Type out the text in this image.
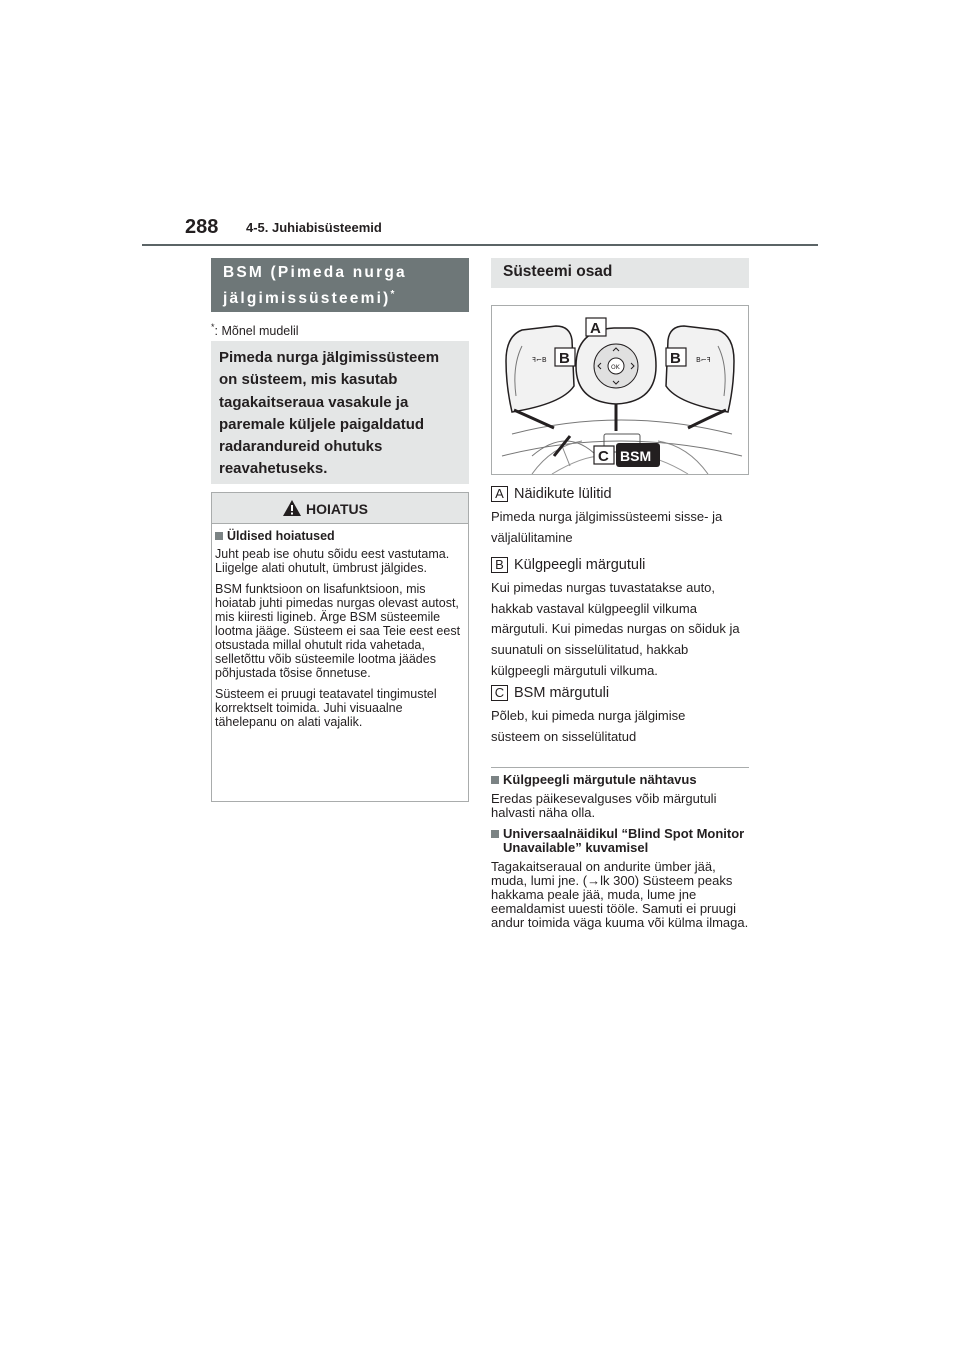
288 4-5. Juhiabisüsteemid
BSM (Pimeda nurga
jälgimissüsteemi)*
*: Mõnel mudelil
Pimeda nurga jälgimissüsteem
on süsteem, mis kasutab
tagakaitseraua vasakule ja
paremale küljele paigaldatud
radarandureid ohutuks
reavahetuseks.
HOIATUS
Üldised hoiatused

Juht peab ise ohutu sõidu eest vastutama. Liigelge alati ohutult, ümbrust jälgides.

BSM funktsioon on lisafunktsioon, mis hoiatab juhti pimedas nurgas olevast autost, mis kiiresti ligineb. Ärge BSM süsteemile lootma jääge. Süsteem ei saa Teie eest eest otsustada millal ohutult rida vahetada, selletõttu võib süsteemile lootma jäädes põhjustada tõsise õnnetuse.

Süsteem ei pruugi teatavatel tingimustel korrektselt toimida. Juhi visuaalne tähelepanu on alati vajalik.

Süsteemi osad
ꟻ⌐B	B⌐ꟻ
OK
A
B	B
C BSM
A Näidikute lülitid
Pimeda nurga jälgimissüsteemi sisse- ja väljalülitamine
B Külgpeegli märgutuli
Kui pimedas nurgas tuvastatakse auto, hakkab vastaval külgpeeglil vilkuma märgutuli. Kui pimedas nurgas on sõiduk ja suunatuli on sisselülitatud, hakkab külgpeegli märgutuli vilkuma.
C BSM märgutuli
Põleb, kui pimeda nurga jälgimise süsteem on sisselülitatud
Külgpeegli märgutule nähtavus

Eredas päikesevalguses võib märgutuli halvasti näha olla.

Universaalnäidikul “Blind Spot Monitor Unavailable” kuvamisel

Tagakaitseraual on andurite ümber jää, muda, lumi jne. (→lk 300) Süsteem peaks hakkama peale jää, muda, lume jne eemaldamist uuesti tööle. Samuti ei pruugi andur toimida väga kuuma või külma ilmaga.
